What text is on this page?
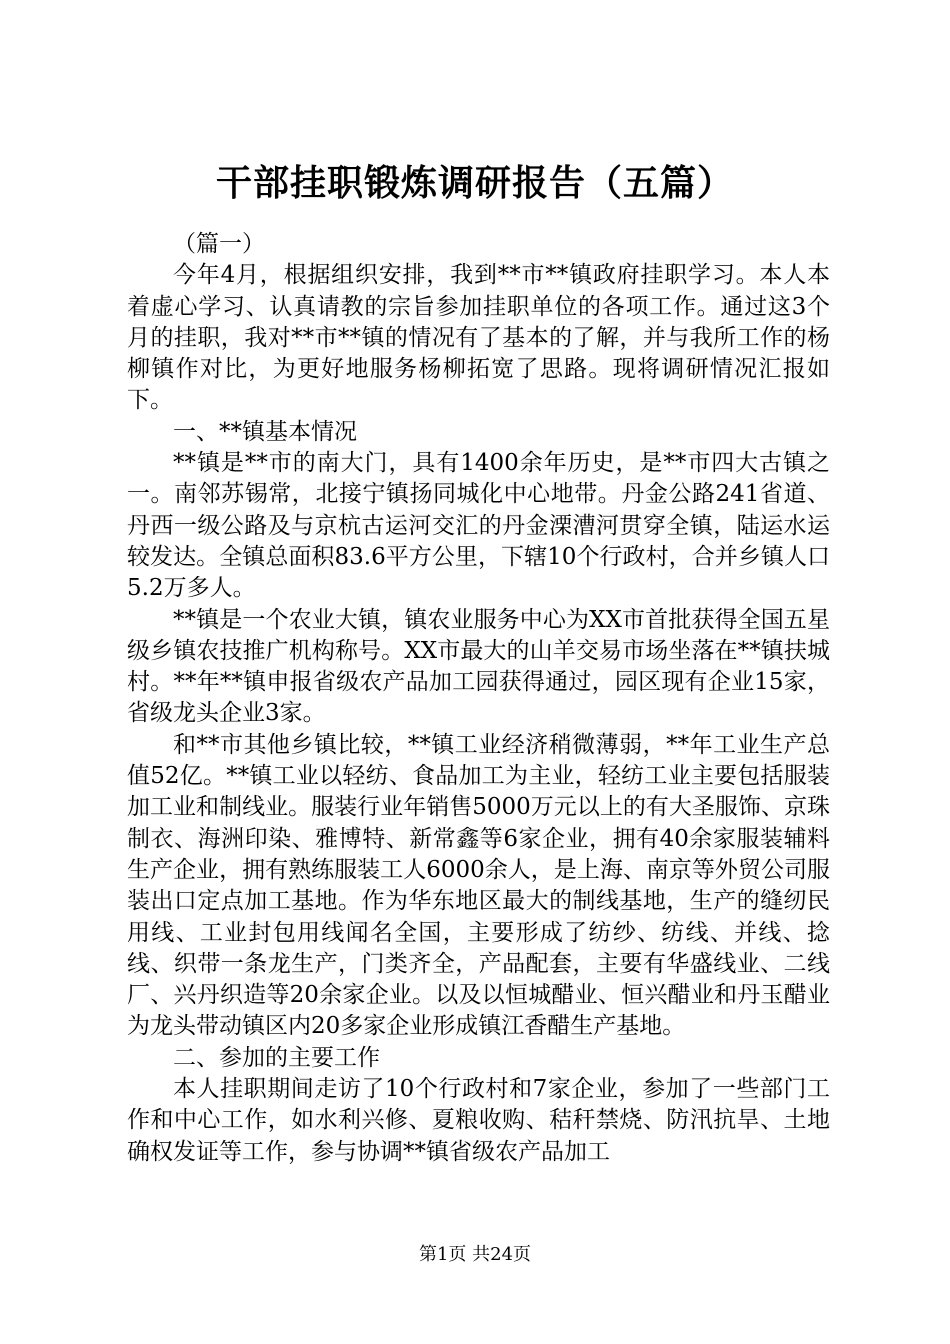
干部挂职锻炼调研报告（五篇）

（篇一）

今年4月，根据组织安排，我到**市**镇政府挂职学习。本人本着虚心学习、认真请教的宗旨参加挂职单位的各项工作。通过这3个月的挂职，我对**市**镇的情况有了基本的了解，并与我所工作的杨柳镇作对比，为更好地服务杨柳拓宽了思路。现将调研情况汇报如下。

一、**镇基本情况

**镇是**市的南大门，具有1400余年历史，是**市四大古镇之一。南邻苏锡常，北接宁镇扬同城化中心地带。丹金公路241省道、丹西一级公路及与京杭古运河交汇的丹金溧漕河贯穿全镇，陆运水运较发达。全镇总面积83.6平方公里，下辖10个行政村，合并乡镇人口5.2万多人。

**镇是一个农业大镇，镇农业服务中心为XX市首批获得全国五星级乡镇农技推广机构称号。XX市最大的山羊交易市场坐落在**镇扶城村。**年**镇申报省级农产品加工园获得通过，园区现有企业15家，省级龙头企业3家。

和**市其他乡镇比较，**镇工业经济稍微薄弱，**年工业生产总值52亿。**镇工业以轻纺、食品加工为主业，轻纺工业主要包括服装加工业和制线业。服装行业年销售5000万元以上的有大圣服饰、京珠制衣、海洲印染、雅博特、新常鑫等6家企业，拥有40余家服装辅料生产企业，拥有熟练服装工人6000余人，是上海、南京等外贸公司服装出口定点加工基地。作为华东地区最大的制线基地，生产的缝纫民用线、工业封包用线闻名全国，主要形成了纺纱、纺线、并线、捻线、织带一条龙生产，门类齐全，产品配套，主要有华盛线业、二线厂、兴丹织造等20余家企业。以及以恒城醋业、恒兴醋业和丹玉醋业为龙头带动镇区内20多家企业形成镇江香醋生产基地。

二、参加的主要工作

本人挂职期间走访了10个行政村和7家企业，参加了一些部门工作和中心工作，如水利兴修、夏粮收购、秸秆禁烧、防汛抗旱、土地确权发证等工作，参与协调**镇省级农产品加工

第1页 共24页
